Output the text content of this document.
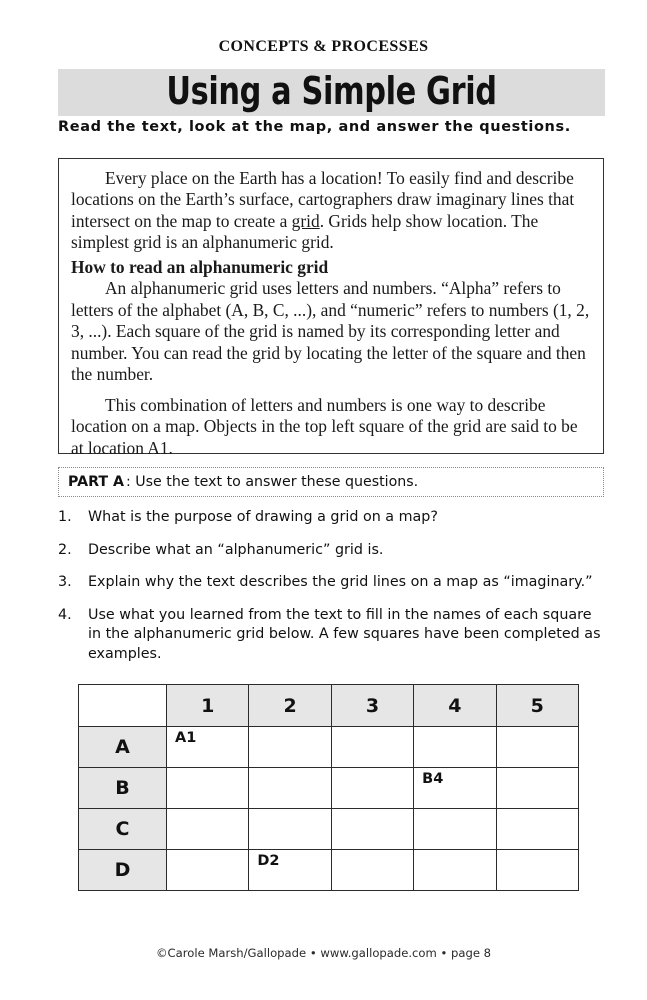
CONCEPTS & PROCESSES
Using a Simple Grid
Read the text, look at the map, and answer the questions.

Every place on the Earth has a location! To easily find and describe locations on the Earth’s surface, cartographers draw imaginary lines that intersect on the map to create a grid. Grids help show location. The simplest grid is an alphanumeric grid.

How to read an alphanumeric grid

An alphanumeric grid uses letters and numbers. “Alpha” refers to letters of the alphabet (A, B, C, ...), and “numeric” refers to numbers (1, 2, 3, ...). Each square of the grid is named by its corresponding letter and number. You can read the grid by locating the letter of the square and then the number.

This combination of letters and numbers is one way to describe location on a map. Objects in the top left square of the grid are said to be at location A1.

PART A : Use the text to answer these questions.
1.	What is the purpose of drawing a grid on a map?
2.	Describe what an “alphanumeric” grid is.
3.	Explain why the text describes the grid lines on a map as “imaginary.”
4.	Use what you learned from the text to fill in the names of each square in the alphanumeric grid below. A few squares have been completed as examples.
	1	2	3	4	5
A	A1				
B				B4	
C					
D		D2			
©Carole Marsh/Gallopade • www.gallopade.com • page 8
